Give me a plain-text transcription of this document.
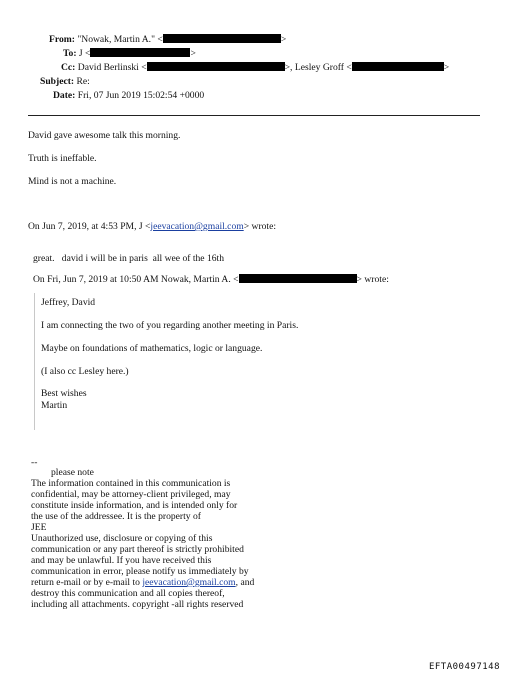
From: "Nowak, Martin A." <	>
To: J <	>
Cc: David Berlinski <	>, Lesley Groff <	>
Subject: Re:
Date: Fri, 07 Jun 2019 15:02:54 +0000
David gave awesome talk this morning.
Truth is ineffable.
Mind is not a machine.
On Jun 7, 2019, at 4:53 PM, J <jeevacation@gmail.com> wrote:
great.   david i will be in paris  all wee of the 16th
On Fri, Jun 7, 2019 at 10:50 AM Nowak, Martin A. <	> wrote:
Jeffrey, David
I am connecting the two of you regarding another meeting in Paris.
Maybe on foundations of mathematics, logic or language.
(I also cc Lesley here.)
Best wishes
Martin
--
please note
The information contained in this communication is
confidential, may be attorney-client privileged, may
constitute inside information, and is intended only for
the use of the addressee. It is the property of
JEE
Unauthorized use, disclosure or copying of this
communication or any part thereof is strictly prohibited
and may be unlawful. If you have received this
communication in error, please notify us immediately by
return e-mail or by e-mail to jeevacation@gmail.com, and
destroy this communication and all copies thereof,
including all attachments. copyright -all rights reserved
EFTA00497148
